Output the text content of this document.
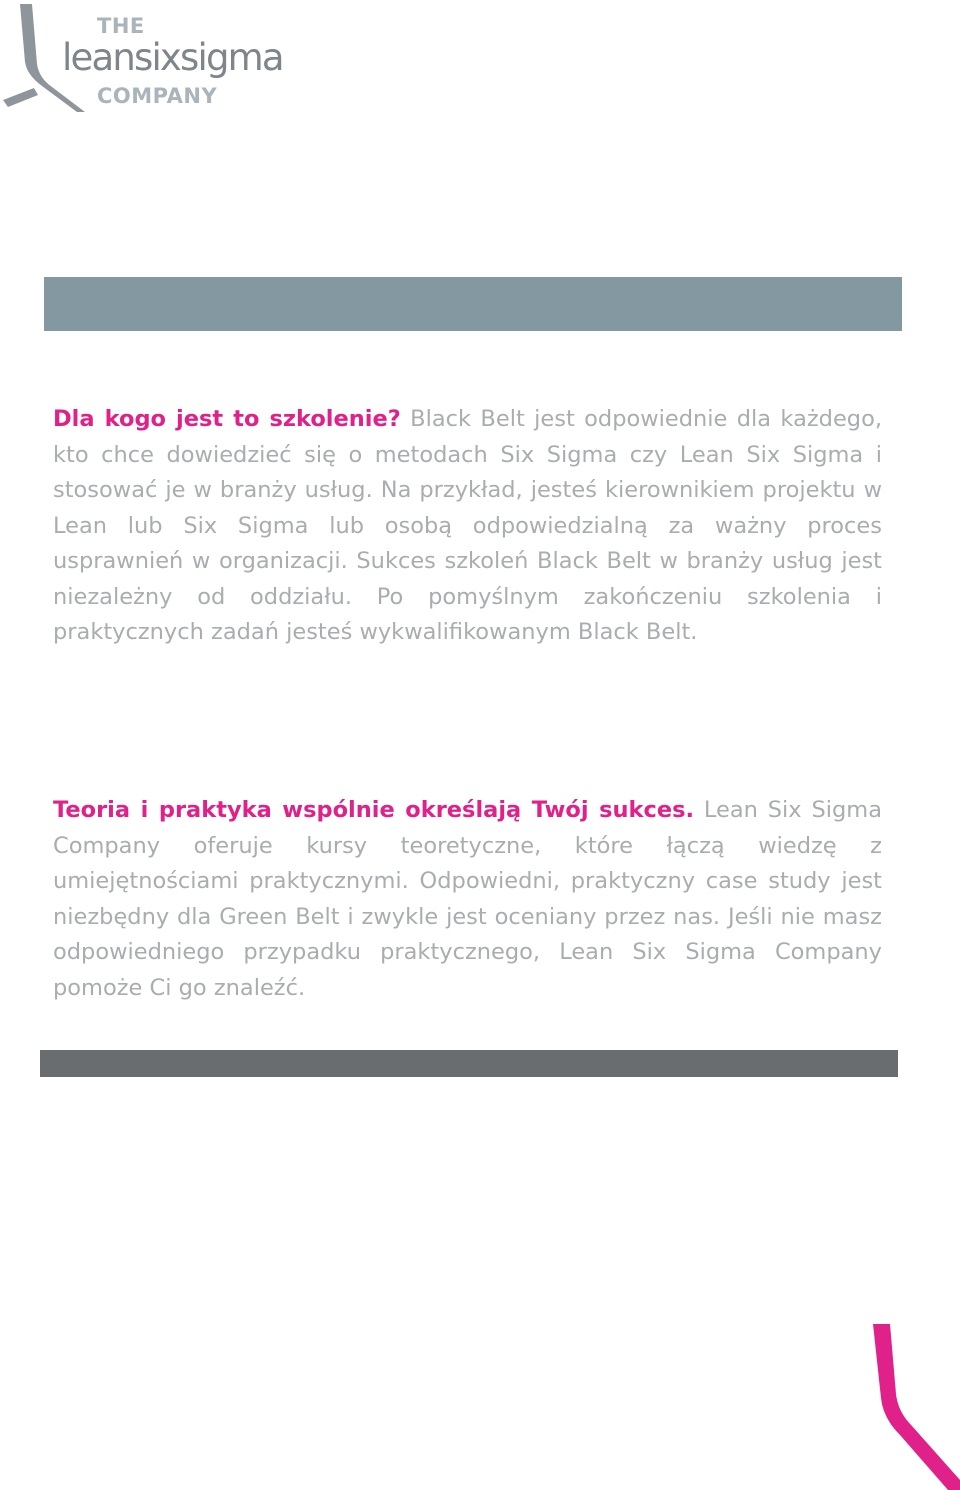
THE
leansixsigma
COMPANY

Dla kogo jest to szkolenie? Black Belt jest odpowiednie dla każdego, kto chce dowiedzieć się o metodach Six Sigma czy Lean Six Sigma i stosować je w branży usług. Na przykład, jesteś kierownikiem projektu w Lean lub Six Sigma lub osobą odpowiedzialną za ważny proces usprawnień w organizacji. Sukces szkoleń Black Belt w branży usług jest niezależny od oddziału. Po pomyślnym zakończeniu szkolenia i praktycznych zadań jesteś wykwalifikowanym Black Belt.

Teoria i praktyka wspólnie określają Twój sukces. Lean Six Sigma Company oferuje kursy teoretyczne, które łączą wiedzę z umiejętnościami praktycznymi. Odpowiedni, praktyczny case study jest niezbędny dla Green Belt i zwykle jest oceniany przez nas. Jeśli nie masz odpowiedniego przypadku praktycznego, Lean Six Sigma Company pomoże Ci go znaleźć.
